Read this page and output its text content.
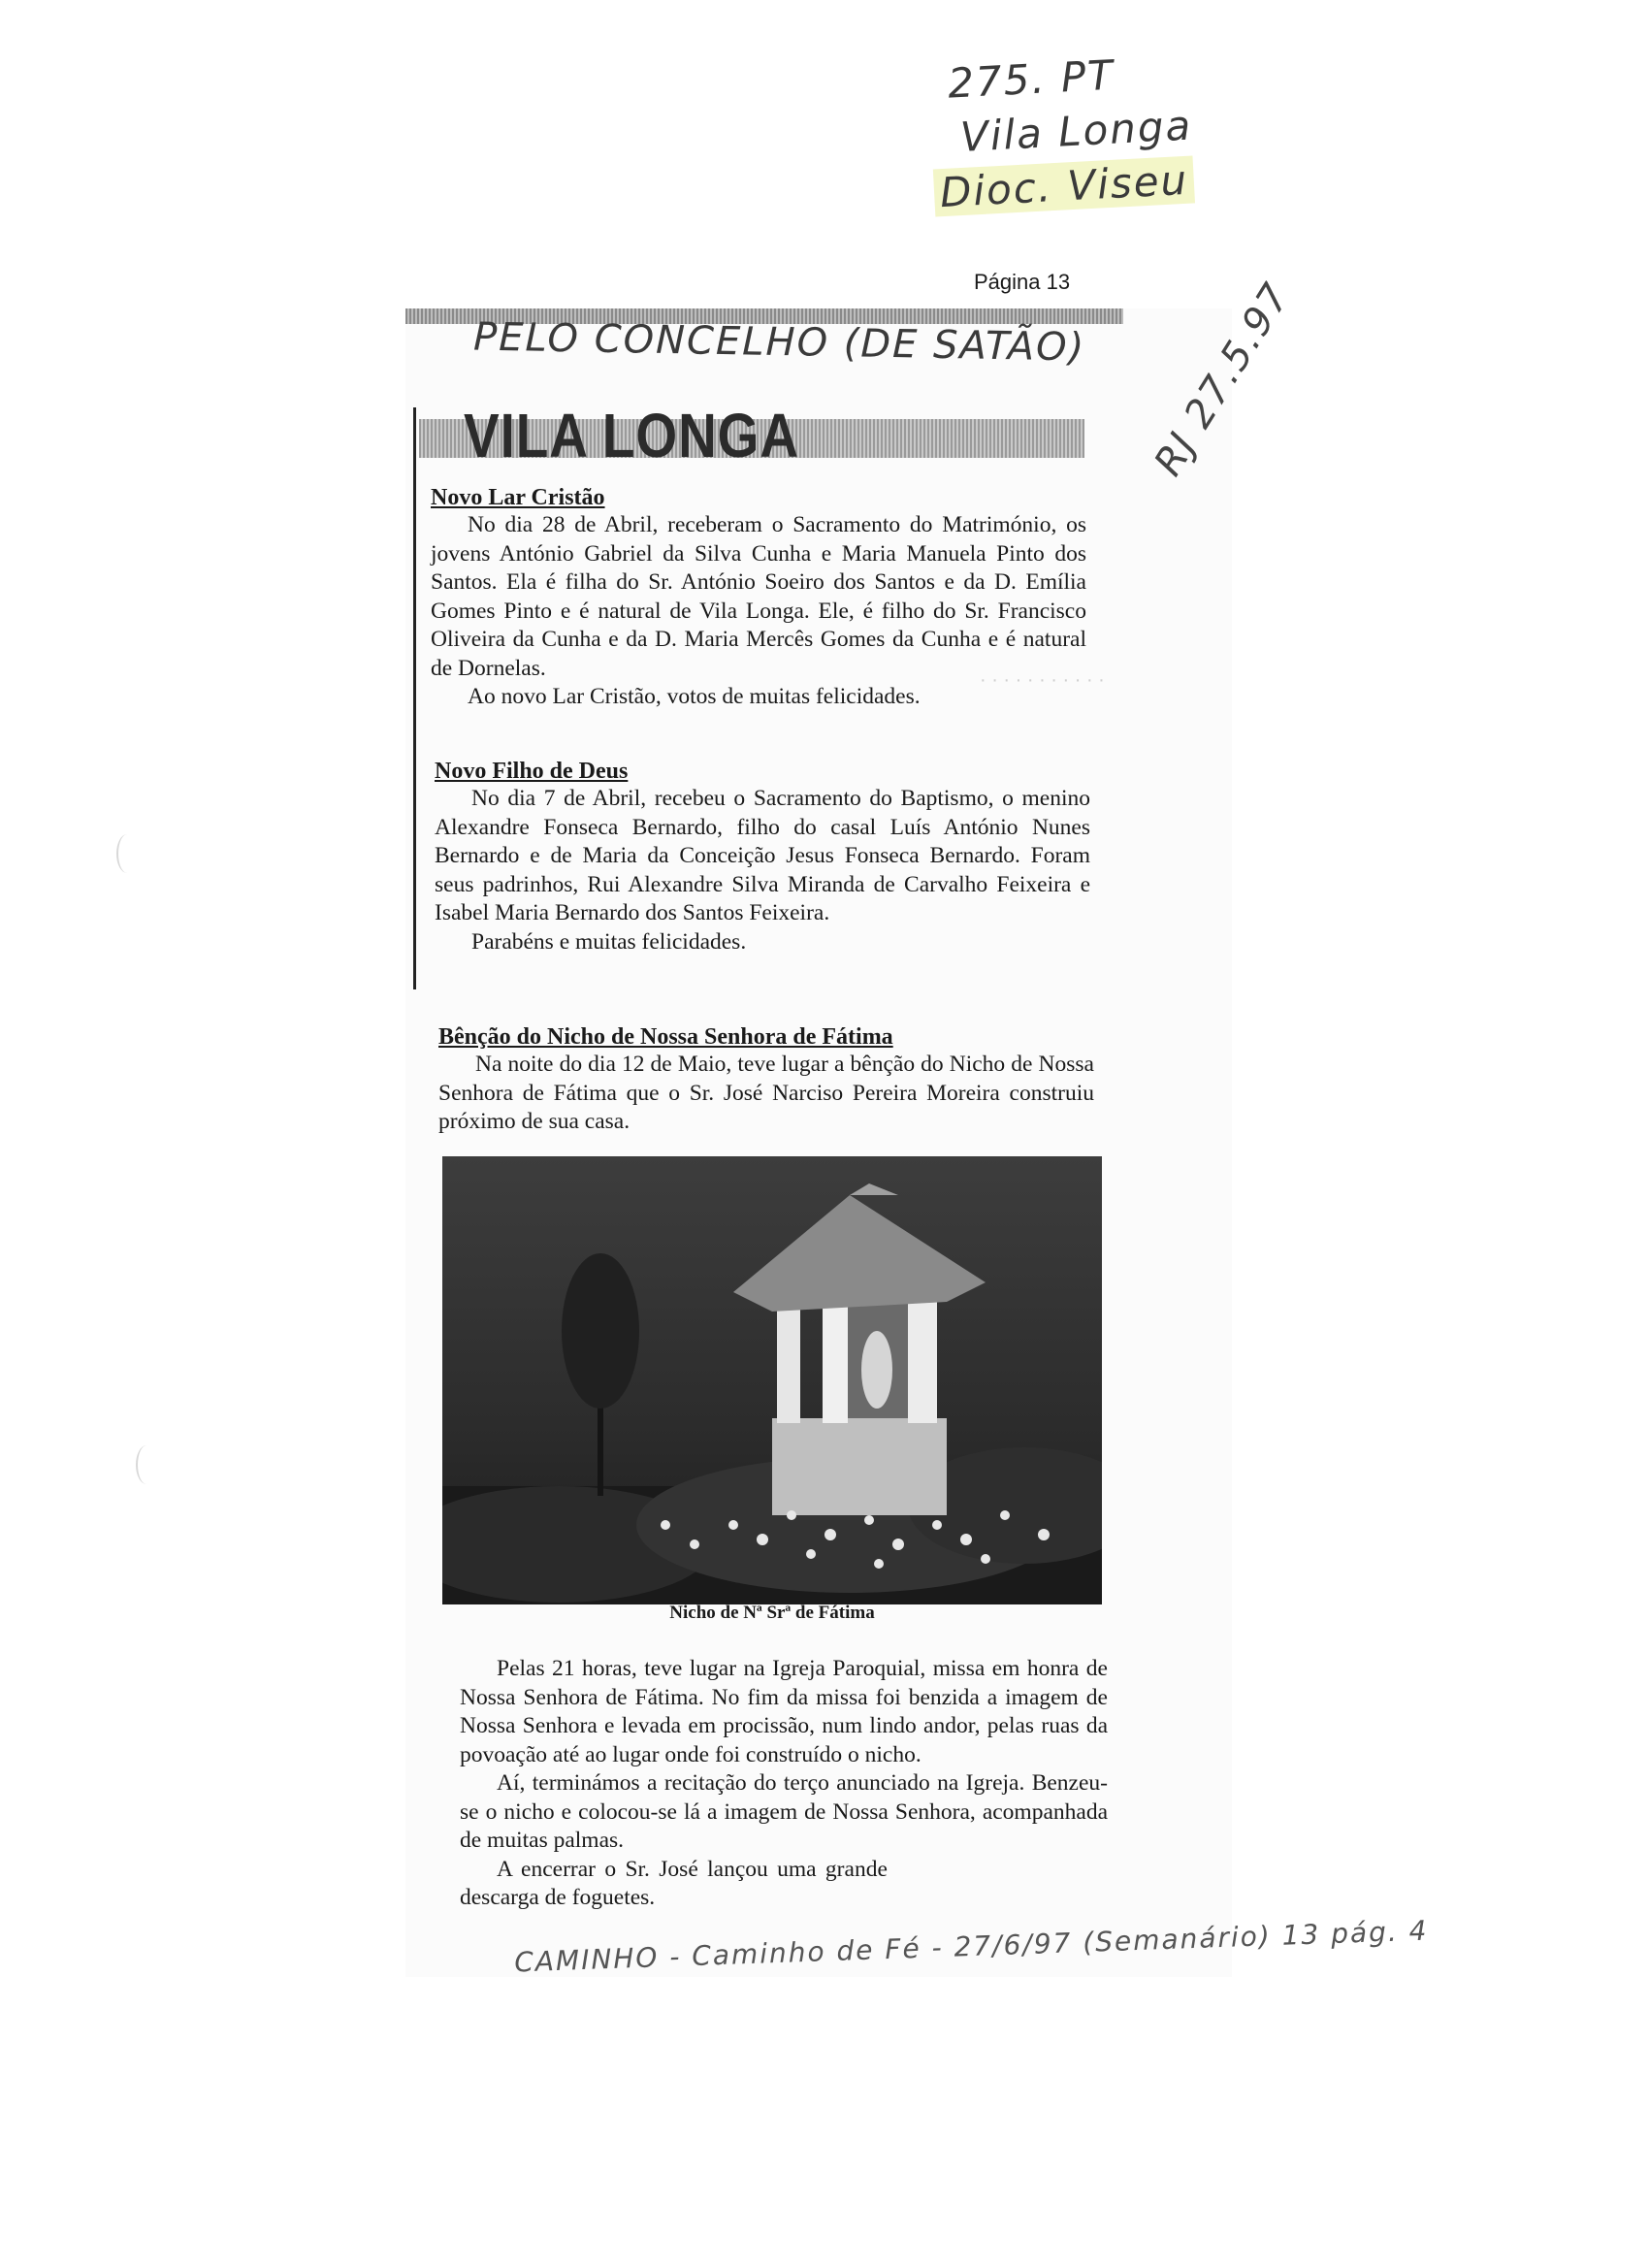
275. PT
Vila Longa
Dioc. Viseu
Página 13
PELO CONCELHO (DE SATÃO) RJ 27.5.97
VILA LONGA
· · · · · · · · · · ·
Novo Lar Cristão
No dia 28 de Abril, receberam o Sacramento do Matrimónio, os jovens António Gabriel da Silva Cunha e Maria Manuela Pinto dos Santos. Ela é filha do Sr. António Soeiro dos Santos e da D. Emília Gomes Pinto e é natural de Vila Longa. Ele, é filho do Sr. Francisco Oliveira da Cunha e da D. Maria Mercês Gomes da Cunha e é natural de Dornelas.
Ao novo Lar Cristão, votos de muitas felicidades.
Novo Filho de Deus
No dia 7 de Abril, recebeu o Sacramento do Baptismo, o menino Alexandre Fonseca Bernardo, filho do casal Luís António Nunes Bernardo e de Maria da Conceição Jesus Fonseca Bernardo. Foram seus padrinhos, Rui Alexandre Silva Miranda de Carvalho Feixeira e Isabel Maria Bernardo dos Santos Feixeira.
Parabéns e muitas felicidades.
Bênção do Nicho de Nossa Senhora de Fátima
Na noite do dia 12 de Maio, teve lugar a bênção do Nicho de Nossa Senhora de Fátima que o Sr. José Narciso Pereira Moreira construiu próximo de sua casa.
Nicho de Nª Srª de Fátima
Pelas 21 horas, teve lugar na Igreja Paroquial, missa em honra de Nossa Senhora de Fátima. No fim da missa foi benzida a imagem de Nossa Senhora e levada em procissão, num lindo andor, pelas ruas da povoação até ao lugar onde foi construído o nicho.
Aí, terminámos a recitação do terço anunciado na Igreja. Benzeu-se o nicho e colocou-se lá a imagem de Nossa Senhora, acompanhada de muitas palmas.
A encerrar o Sr. José lançou uma grande descarga de foguetes.
CAMINHO - Caminho de Fé - 27/6/97 (Semanário) 13 pág. 4
